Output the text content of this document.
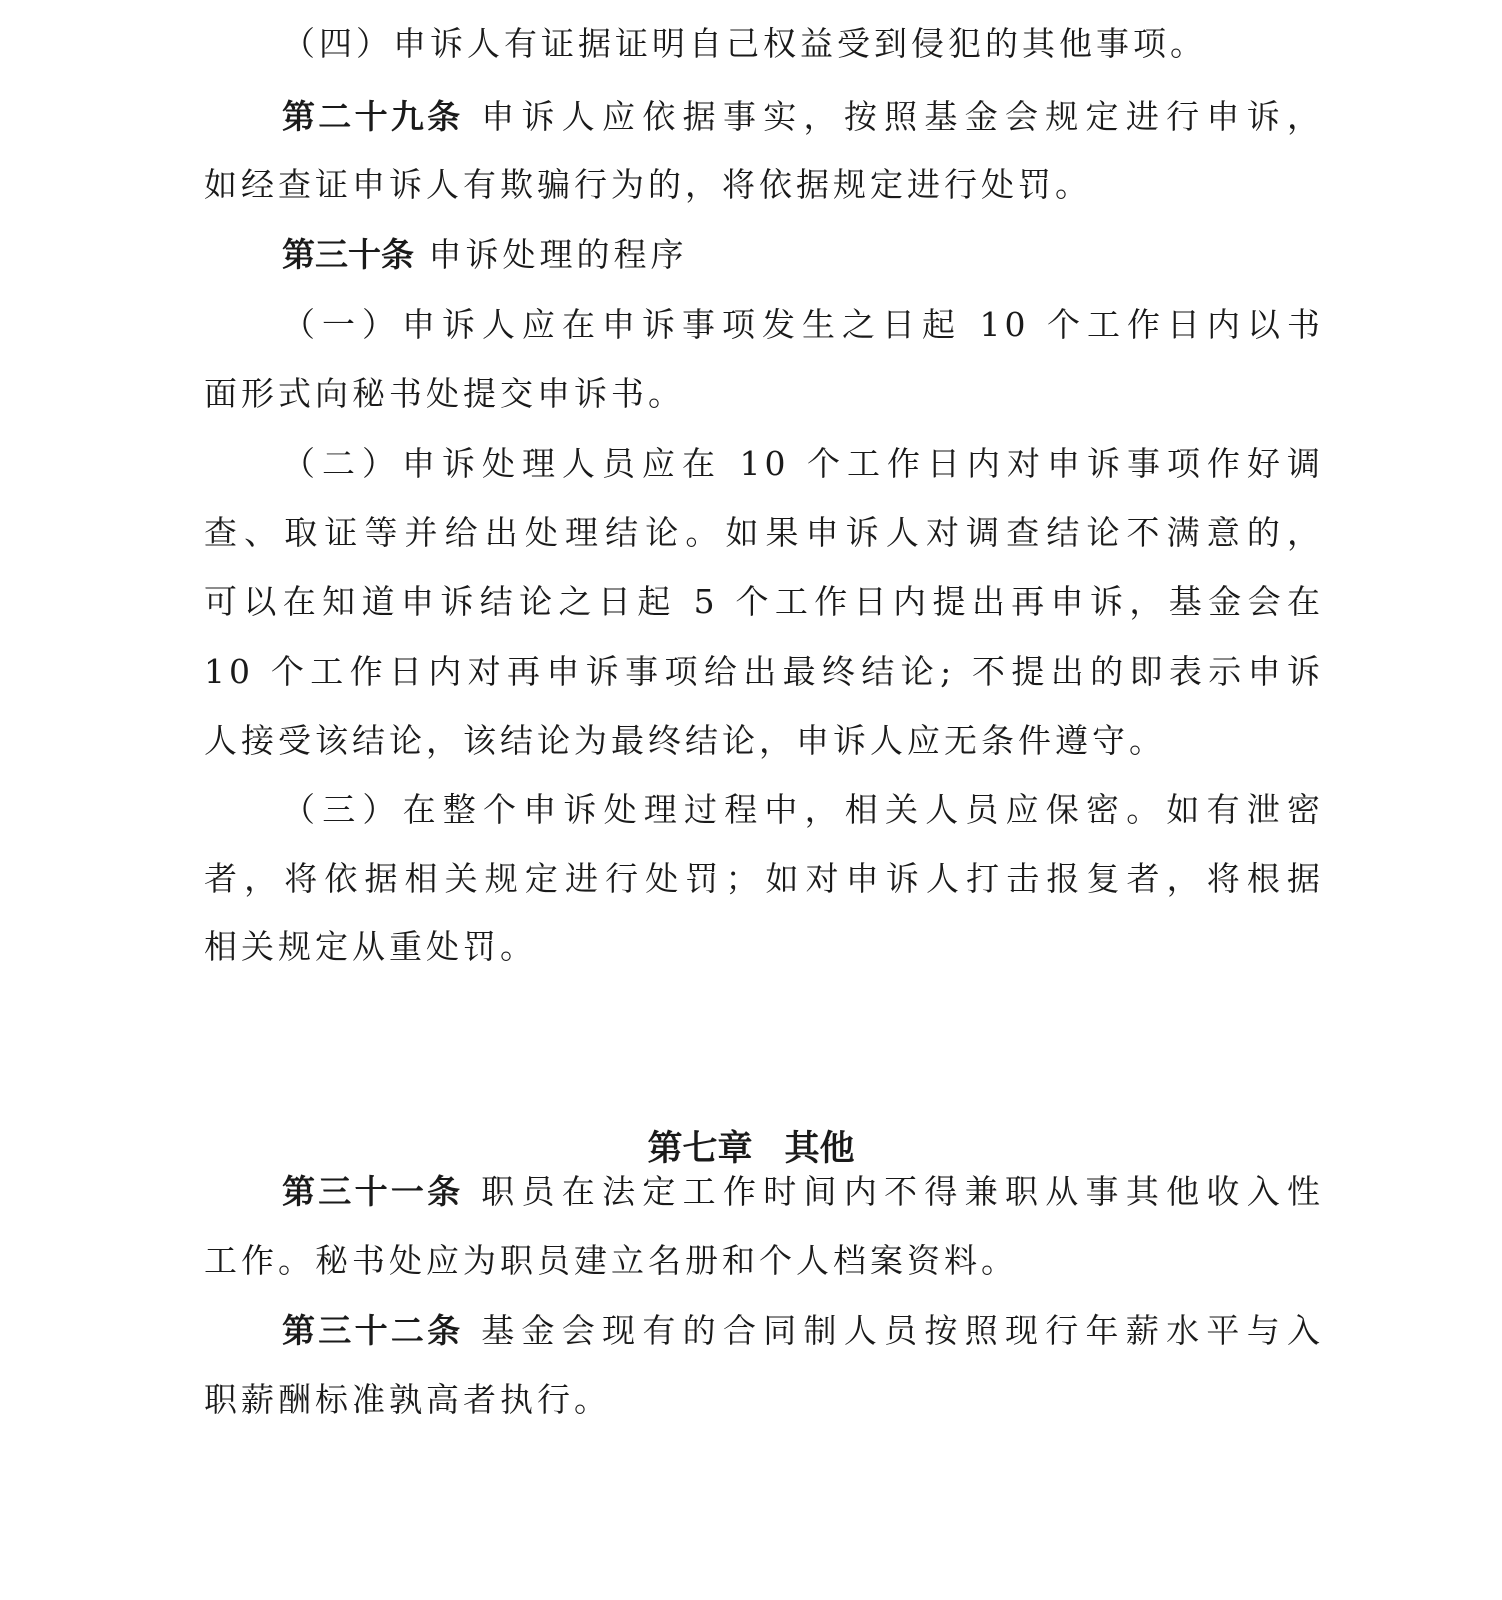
（四）申诉人有证据证明自己权益受到侵犯的其他事项。
第二十九条 申诉人应依据事实，按照基金会规定进行申诉，
如经查证申诉人有欺骗行为的，将依据规定进行处罚。
第三十条 申诉处理的程序
（一）申诉人应在申诉事项发生之日起 10 个工作日内以书
面形式向秘书处提交申诉书。
（二）申诉处理人员应在 10 个工作日内对申诉事项作好调
查、取证等并给出处理结论。如果申诉人对调查结论不满意的，
可以在知道申诉结论之日起 5 个工作日内提出再申诉，基金会在
10 个工作日内对再申诉事项给出最终结论; 不提出的即表示申诉
人接受该结论，该结论为最终结论，申诉人应无条件遵守。
（三）在整个申诉处理过程中，相关人员应保密。如有泄密
者，将依据相关规定进行处罚；如对申诉人打击报复者，将根据
相关规定从重处罚。
第七章 其他
第三十一条 职员在法定工作时间内不得兼职从事其他收入性
工作。秘书处应为职员建立名册和个人档案资料。
第三十二条 基金会现有的合同制人员按照现行年薪水平与入
职薪酬标准孰高者执行。
